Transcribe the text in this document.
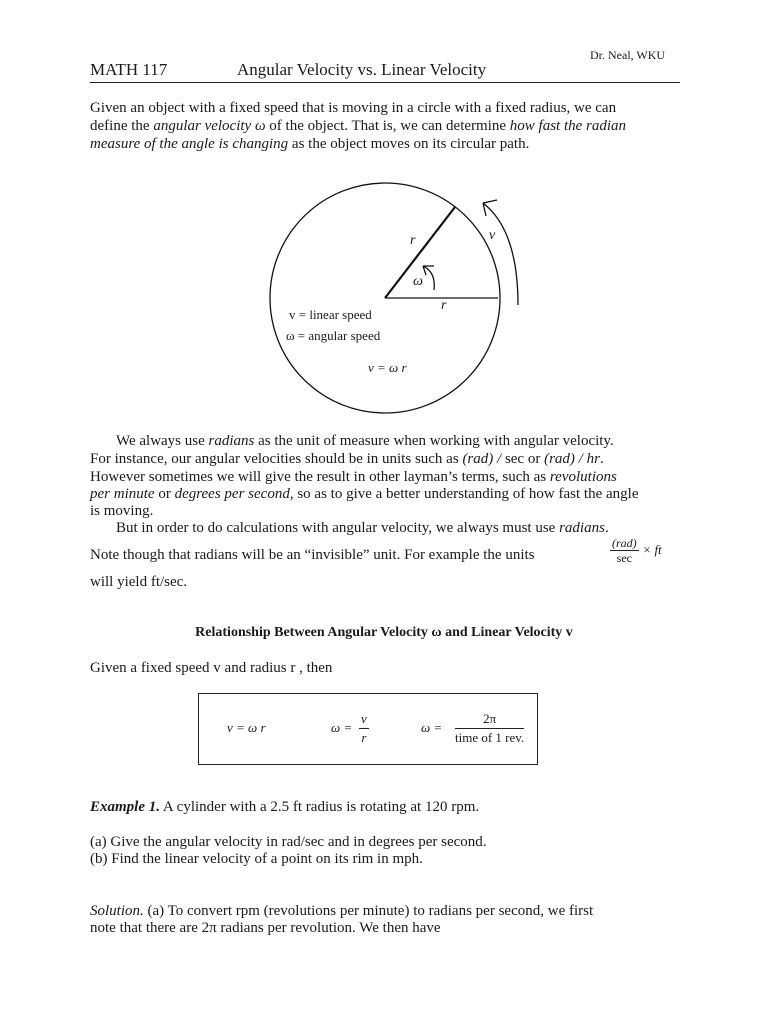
Dr. Neal, WKU
MATH 117	Angular Velocity vs. Linear Velocity
Given an object with a fixed speed that is moving in a circle with a fixed radius, we can
define the angular velocity ω of the object. That is, we can determine how fast the radian
measure of the angle is changing as the object moves on its circular path.
r	v
ω
r
v = linear speed
ω = angular speed
v = ω r
We always use radians as the unit of measure when working with angular velocity.
For instance, our angular velocities should be in units such as (rad) / sec or (rad) / hr.
However sometimes we will give the result in other layman’s terms, such as revolutions
per minute or degrees per second, so as to give a better understanding of how fast the angle
is moving.
But in order to do calculations with angular velocity, we always must use radians.
Note though that radians will be an “invisible” unit. For example the units	$\frac{\text{(rad)}}{\sec}$ × ft
will yield ft/sec.
Relationship Between Angular Velocity ω and Linear Velocity v
Given a fixed speed v and radius r , then
v = ω r	$\omega = \frac{v}{r}$	$\omega = \frac{2\pi}{\text{time of 1 rev.}}$
Example 1. A cylinder with a 2.5 ft radius is rotating at 120 rpm.
(a) Give the angular velocity in rad/sec and in degrees per second.
(b) Find the linear velocity of a point on its rim in mph.
Solution. (a) To convert rpm (revolutions per minute) to radians per second, we first
note that there are 2π radians per revolution. We then have
